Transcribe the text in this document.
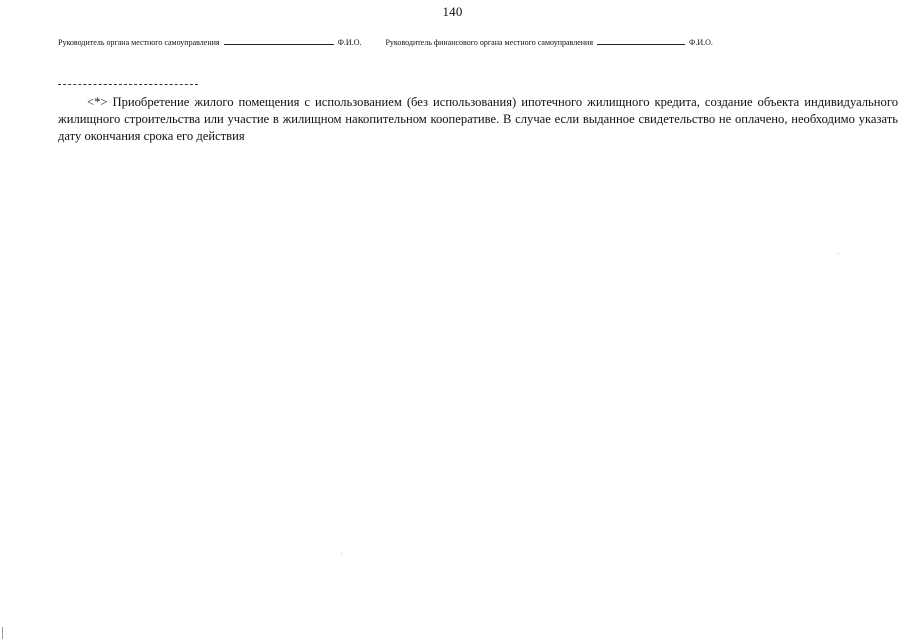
140
Руководитель органа местного самоуправления	Ф.И.О.	Руководитель финансового органа местного самоуправления	Ф.И.О.

<*> Приобретение жилого помещения с использованием (без использования) ипотечного жилищного кредита, создание объекта индивидуального жилищного строительства или участие в жилищном накопительном кооперативе. В случае если выданное свидетельство не оплачено, необходимо указать дату окончания срока его действия
